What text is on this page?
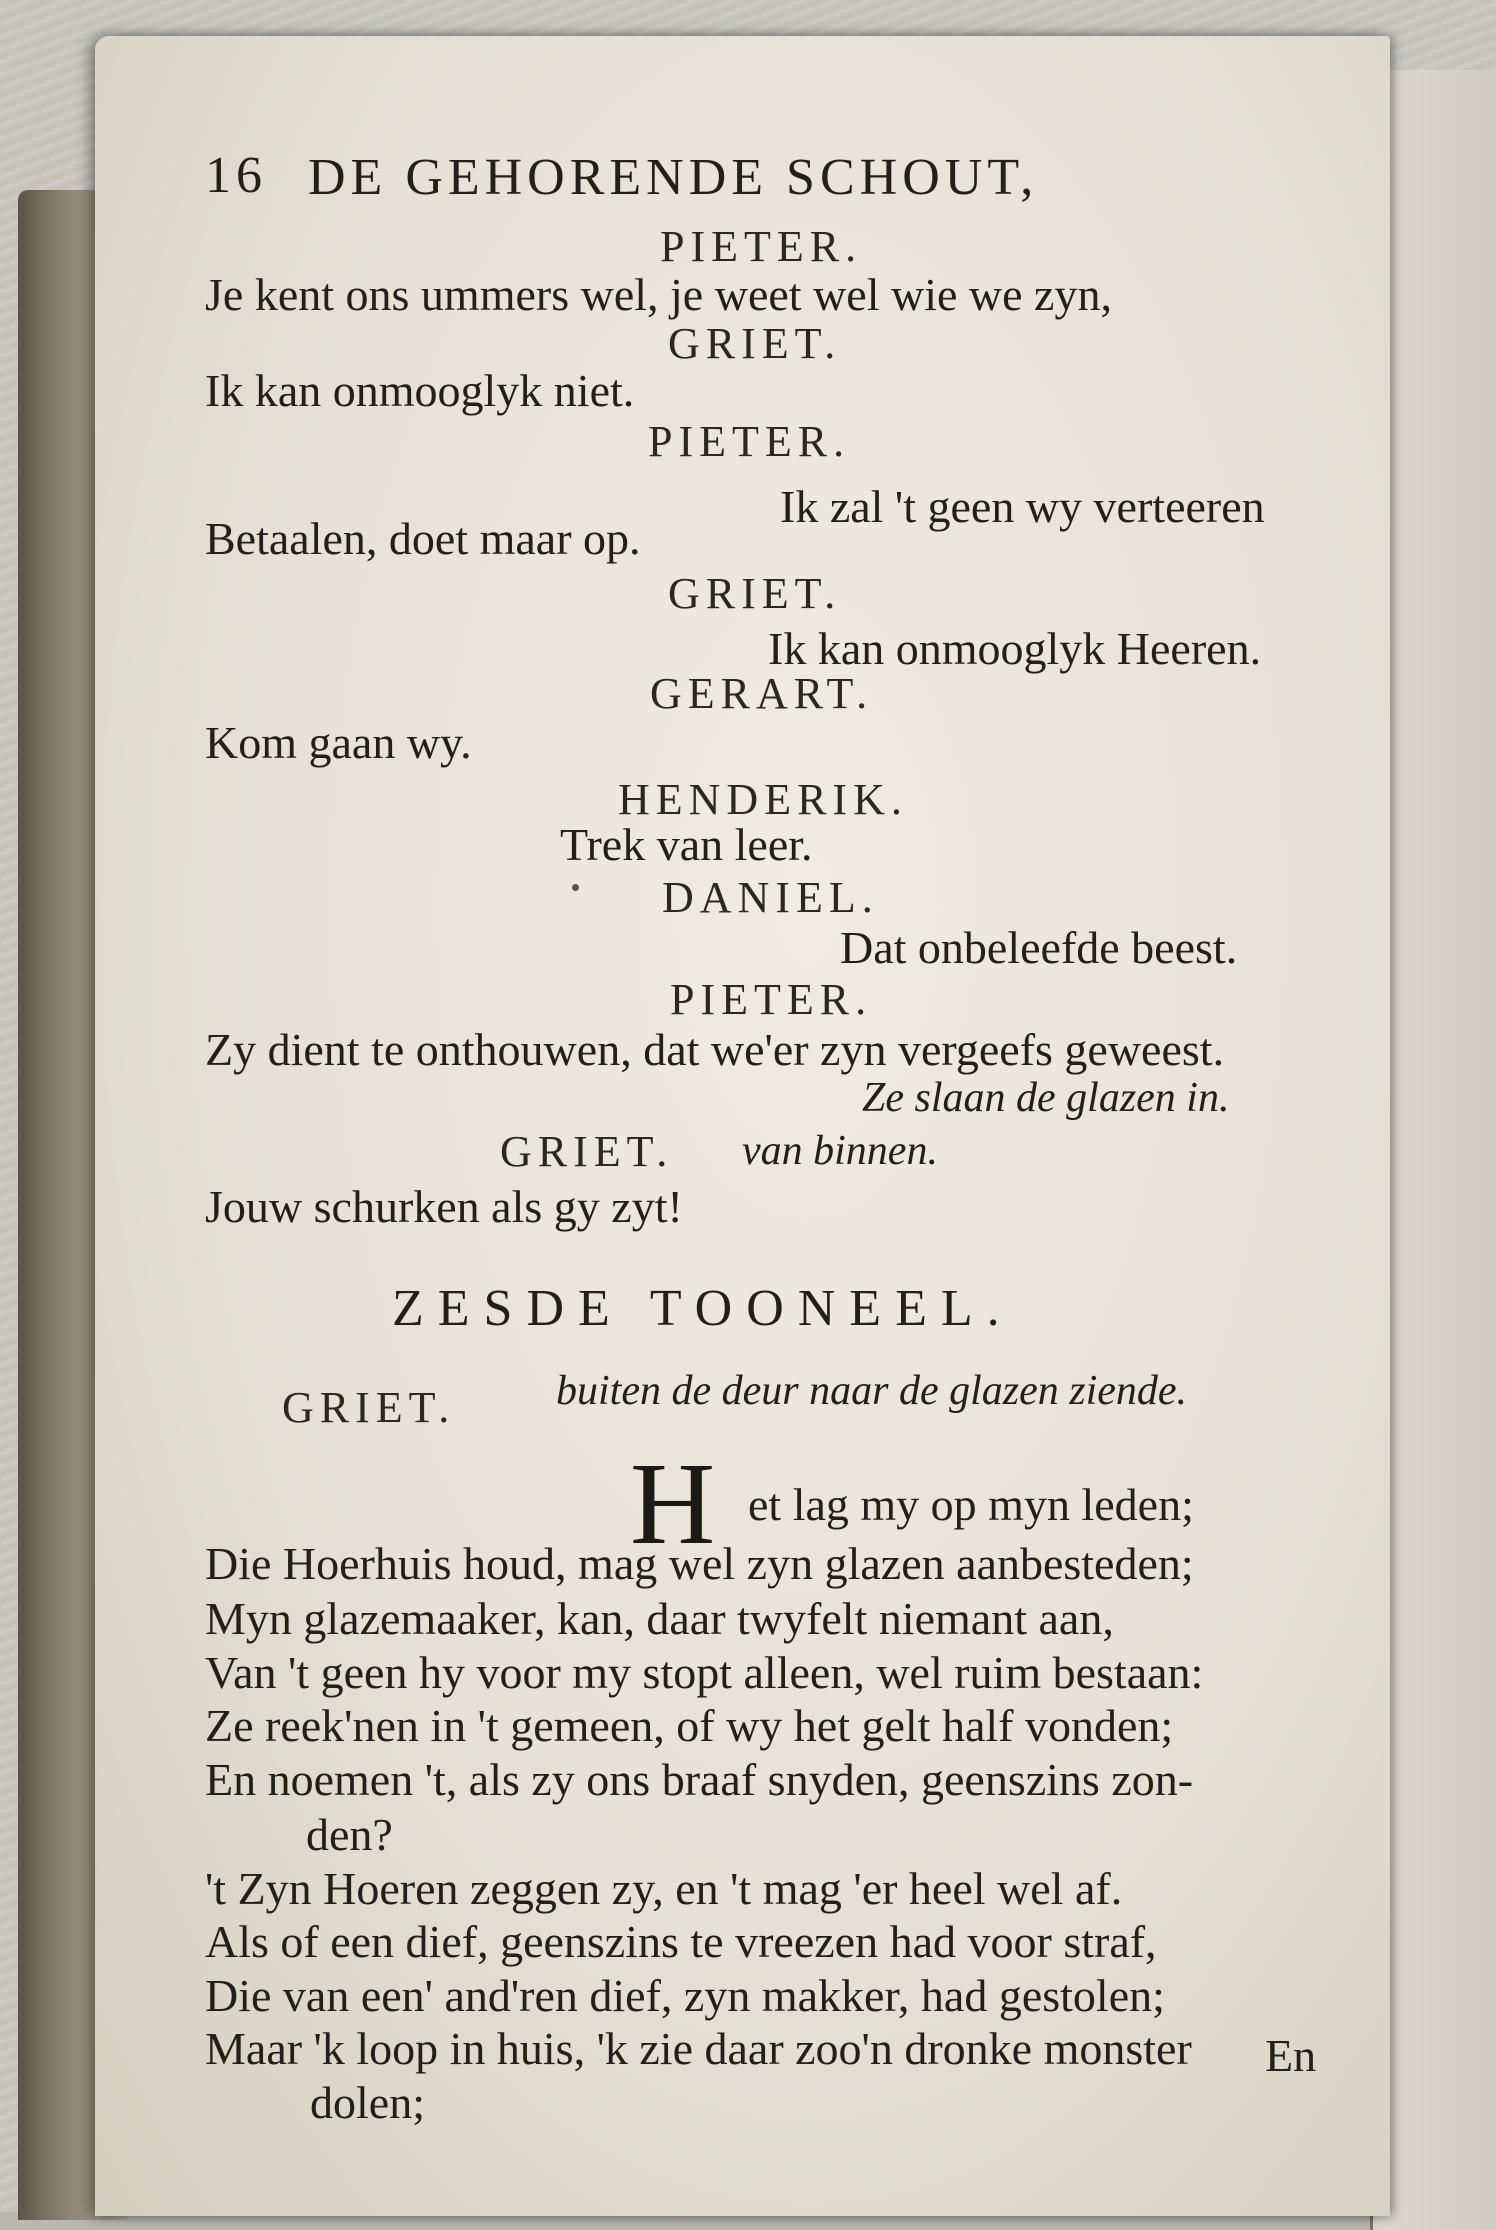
16 DE GEHORENDE SCHOUT,
PIETER.
Je kent ons ummers wel, je weet wel wie we zyn,
GRIET.
Ik kan onmooglyk niet.
PIETER.
Ik zal 't geen wy verteeren
Betaalen, doet maar op.
GRIET.
Ik kan onmooglyk Heeren.
GERART.
Kom gaan wy.
HENDERIK.
Trek van leer.
DANIEL.
Dat onbeleefde beest.
PIETER.
Zy dient te onthouwen, dat we'er zyn vergeefs geweest.
Ze slaan de glazen in.
GRIET. van binnen.
Jouw schurken als gy zyt!
ZESDE TOONEEL.
GRIET. buiten de deur naar de glazen ziende.
H et lag my op myn leden;
Die Hoerhuis houd, mag wel zyn glazen aanbesteden;
Myn glazemaaker, kan, daar twyfelt niemant aan,
Van 't geen hy voor my stopt alleen, wel ruim bestaan:
Ze reek'nen in 't gemeen, of wy het gelt half vonden;
En noemen 't, als zy ons braaf snyden, geenszins zon-
den?
't Zyn Hoeren zeggen zy, en 't mag 'er heel wel af.
Als of een dief, geenszins te vreezen had voor straf,
Die van een' and'ren dief, zyn makker, had gestolen;
Maar 'k loop in huis, 'k zie daar zoo'n dronke monster En
dolen;
